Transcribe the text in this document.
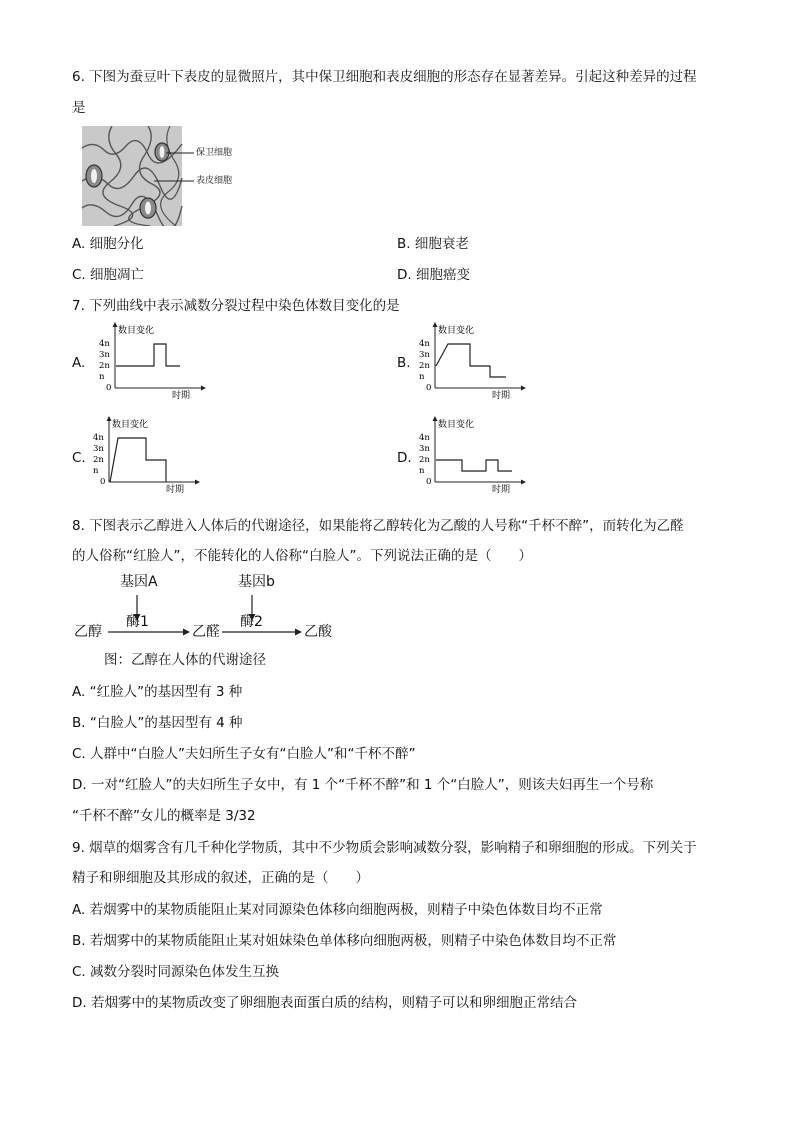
6. 下图为蚕豆叶下表皮的显微照片，其中保卫细胞和表皮细胞的形态存在显著差异。引起这种差异的过程
是
保卫细胞
表皮细胞
A. 细胞分化	B. 细胞衰老
C. 细胞凋亡	D. 细胞癌变
7. 下列曲线中表示减数分裂过程中染色体数目变化的是
A.	B.
C.	D.
4n
3n
2n
n
0
数目变化
时期
4n
3n
2n
n
0
数目变化
时期
4n
3n
2n
n
0
数目变化
时期
4n
3n
2n
n
0
数目变化
时期
8. 下图表示乙醇进入人体后的代谢途径，如果能将乙醇转化为乙酸的人号称“千杯不醉”，而转化为乙醛
的人俗称“红脸人”，不能转化的人俗称“白脸人”。下列说法正确的是（　　）
基因A	基因b
酶1	酶2
乙醇	乙醛	乙酸
图：乙醇在人体的代谢途径
A. “红脸人”的基因型有 3 种
B. “白脸人”的基因型有 4 种
C. 人群中“白脸人”夫妇所生子女有“白脸人”和“千杯不醉”
D. 一对“红脸人”的夫妇所生子女中，有 1 个“千杯不醉”和 1 个“白脸人”，则该夫妇再生一个号称
“千杯不醉”女儿的概率是 3/32
9. 烟草的烟雾含有几千种化学物质，其中不少物质会影响减数分裂，影响精子和卵细胞的形成。下列关于
精子和卵细胞及其形成的叙述，正确的是（　　）
A. 若烟雾中的某物质能阻止某对同源染色体移向细胞两极，则精子中染色体数目均不正常
B. 若烟雾中的某物质能阻止某对姐妹染色单体移向细胞两极，则精子中染色体数目均不正常
C. 减数分裂时同源染色体发生互换
D. 若烟雾中的某物质改变了卵细胞表面蛋白质的结构，则精子可以和卵细胞正常结合
